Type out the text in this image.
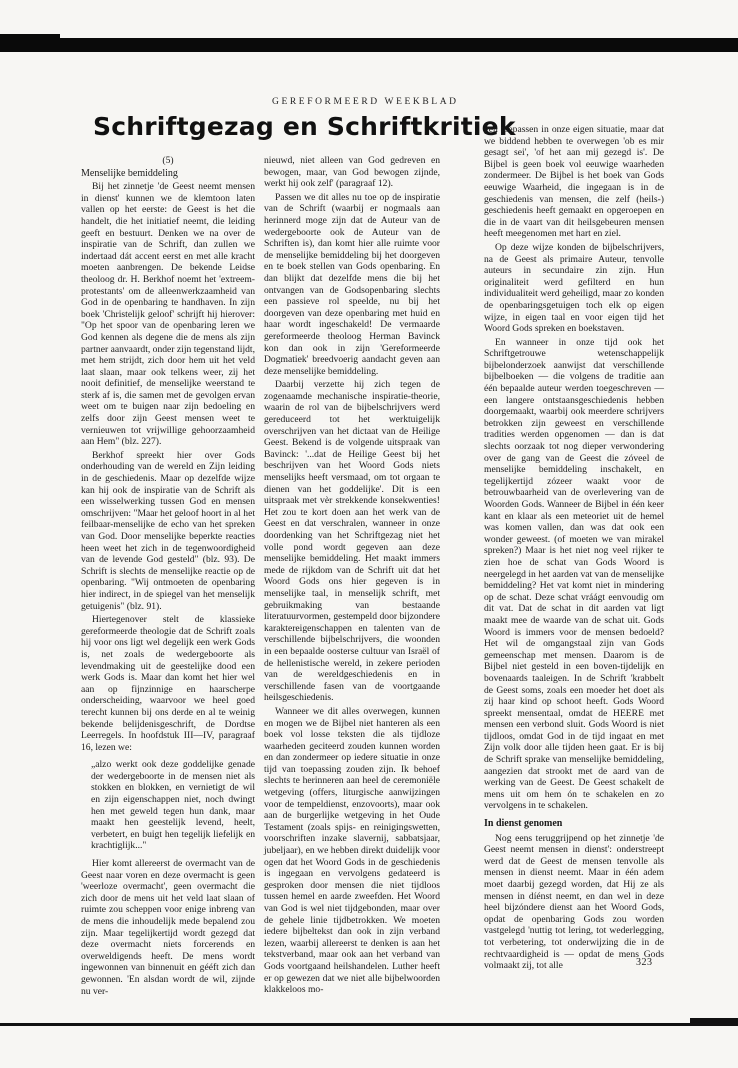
GEREFORMEERD WEEKBLAD
Schriftgezag en Schriftkritiek

(5)

Menselijke bemiddeling

Bij het zinnetje 'de Geest neemt mensen in dienst' kunnen we de klemtoon laten vallen op het eerste: de Geest is het die handelt, die het initiatief neemt, die leiding geeft en bestuurt. Denken we na over de inspiratie van de Schrift, dan zullen we indertaad dát accent eerst en met alle kracht moeten aanbrengen. De bekende Leidse theoloog dr. H. Berkhof noemt het 'extreem-protestants' om de alleenwerkzaamheid van God in de openbaring te handhaven. In zijn boek 'Christelijk geloof' schrijft hij hierover: "Op het spoor van de openbaring leren we God kennen als degene die de mens als zijn partner aanvaardt, onder zijn tegenstand lijdt, met hem strijdt, zich door hem uit het veld laat slaan, maar ook telkens weer, zij het nooit definitief, de menselijke weerstand te sterk af is, die samen met de gevolgen ervan weet om te buigen naar zijn bedoeling en zelfs door zijn Geest mensen weet te vernieuwen tot vrijwillige gehoorzaamheid aan Hem" (blz. 227).

Berkhof spreekt hier over Gods onderhouding van de wereld en Zijn leiding in de geschiedenis. Maar op dezelfde wijze kan hij ook de inspiratie van de Schrift als een wisselwerking tussen God en mensen omschrijven: "Maar het geloof hoort in al het feilbaar-menselijke de echo van het spreken van God. Door menselijke beperkte reacties heen weet het zich in de tegenwoordigheid van de levende God gesteld" (blz. 93). De Schrift is slechts de menselijke reactie op de openbaring. "Wij ontmoeten de openbaring hier indirect, in de spiegel van het menselijk getuigenis" (blz. 91).

Hiertegenover stelt de klassieke gereformeerde theologie dat de Schrift zoals hij voor ons ligt wel degelijk een werk Gods is, net zoals de wedergeboorte als levendmaking uit de geestelijke dood een werk Gods is. Maar dan komt het hier wel aan op fijnzinnige en haarscherpe onderscheiding, waarvoor we heel goed terecht kunnen bij ons derde en al te weinig bekende belijdenisgeschrift, de Dordtse Leerregels. In hoofdstuk III—IV, paragraaf 16, lezen we:

„alzo werkt ook deze goddelijke genade der wedergeboorte in de mensen niet als stokken en blokken, en vernietigt de wil en zijn eigenschappen niet, noch dwingt hen met geweld tegen hun dank, maar maakt hen geestelijk levend, heelt, verbetert, en buigt hen tegelijk liefelijk en krachtiglijk..."

Hier komt allereerst de overmacht van de Geest naar voren en deze overmacht is geen 'weerloze overmacht', geen overmacht die zich door de mens uit het veld laat slaan of ruimte zou scheppen voor enige inbreng van de mens die inhoudelijk mede bepalend zou zijn. Maar tegelijkertijd wordt gezegd dat deze overmacht niets forcerends en overweldigends heeft. De mens wordt ingewonnen van binnenuit en gééft zich dan gewonnen. 'En alsdan wordt de wil, zijnde nu ver-

nieuwd, niet alleen van God gedreven en bewogen, maar, van God bewogen zijnde, werkt hij ook zelf' (paragraaf 12).

Passen we dit alles nu toe op de inspiratie van de Schrift (waarbij er nogmaals aan herinnerd moge zijn dat de Auteur van de wedergeboorte ook de Auteur van de Schriften is), dan komt hier alle ruimte voor de menselijke bemiddeling bij het doorgeven en te boek stellen van Gods openbaring. En dan blijkt dat dezelfde mens die bij het ontvangen van de Godsopenbaring slechts een passieve rol speelde, nu bij het doorgeven van deze openbaring met huid en haar wordt ingeschakeld! De vermaarde gereformeerde theoloog Herman Bavinck kon dan ook in zijn 'Gereformeerde Dogmatiek' breedvoerig aandacht geven aan deze menselijke bemiddeling.

Daarbij verzette hij zich tegen de zogenaamde mechanische inspiratie-theorie, waarin de rol van de bijbelschrijvers werd gereduceerd tot het werktuigelijk overschrijven van het dictaat van de Heilige Geest. Bekend is de volgende uitspraak van Bavinck: '...dat de Heilige Geest bij het beschrijven van het Woord Gods niets menselijks heeft versmaad, om tot orgaan te dienen van het goddelijke'. Dit is een uitspraak met vèr strekkende konsekwenties! Het zou te kort doen aan het werk van de Geest en dat verschralen, wanneer in onze doordenking van het Schriftgezag niet het volle pond wordt gegeven aan deze menselijke bemiddeling. Het maakt immers mede de rijkdom van de Schrift uit dat het Woord Gods ons hier gegeven is in menselijke taal, in menselijk schrift, met gebruikmaking van bestaande literatuurvormen, gestempeld door bijzondere karaktereigenschappen en talenten van de verschillende bijbelschrijvers, die woonden in een bepaalde oosterse cultuur van Israël of de hellenistische wereld, in zekere perioden van de wereldgeschiedenis en in verschillende fasen van de voortgaande heilsgeschiedenis.

Wanneer we dit alles overwegen, kunnen en mogen we de Bijbel niet hanteren als een boek vol losse teksten die als tijdloze waarheden geciteerd zouden kunnen worden en dan zondermeer op iedere situatie in onze tijd van toepassing zouden zijn. Ik behoef slechts te herinneren aan heel de ceremoniële wetgeving (offers, liturgische aanwijzingen voor de tempeldienst, enzovoorts), maar ook aan de burgerlijke wetgeving in het Oude Testament (zoals spijs- en reinigingswetten, voorschriften inzake slavernij, sabbatsjaar, jubeljaar), en we hebben direkt duidelijk voor ogen dat het Woord Gods in de geschiedenis is ingegaan en vervolgens gedateerd is gesproken door mensen die niet tijdloos tussen hemel en aarde zweefden. Het Woord van God is wel niet tijdgebonden, maar over de gehele linie tijdbetrokken. We moeten iedere bijbeltekst dan ook in zijn verband lezen, waarbij allereerst te denken is aan het tekstverband, maar ook aan het verband van Gods voortgaand heilshandelen. Luther heeft er op gewezen dat we niet alle bijbelwoorden klakkeloos mo-

gen toepassen in onze eigen situatie, maar dat we biddend hebben te overwegen 'ob es mir gesagt sei', 'of het aan mij gezegd is'. De Bijbel is geen boek vol eeuwige waarheden zondermeer. De Bijbel is het boek van Gods eeuwige Waarheid, die ingegaan is in de geschiedenis van mensen, die zelf (heils-) geschiedenis heeft gemaakt en opgeroepen en die in de vaart van dit heilsgebeuren mensen heeft meegenomen met hart en ziel.

Op deze wijze konden de bijbelschrijvers, na de Geest als primaire Auteur, tenvolle auteurs in secundaire zin zijn. Hun originaliteit werd gefilterd en hun individualiteit werd geheiligd, maar zo konden de openbaringsgetuigen toch elk op eigen wijze, in eigen taal en voor eigen tijd het Woord Gods spreken en boekstaven.

En wanneer in onze tijd ook het Schriftgetrouwe wetenschappelijk bijbelonderzoek aanwijst dat verschillende bijbelboeken — die volgens de traditie aan één bepaalde auteur werden toegeschreven — een langere ontstaansgeschiedenis hebben doorgemaakt, waarbij ook meerdere schrijvers betrokken zijn geweest en verschillende tradities werden opgenomen — dan is dat slechts oorzaak tot nog dieper verwondering over de gang van de Geest die zóveel de menselijke bemiddeling inschakelt, en tegelijkertijd zózeer waakt voor de betrouwbaarheid van de overlevering van de Woorden Gods. Wanneer de Bijbel in één keer kant en klaar als een meteoriet uit de hemel was komen vallen, dan was dat ook een wonder geweest. (of moeten we van mirakel spreken?) Maar is het niet nog veel rijker te zien hoe de schat van Gods Woord is neergelegd in het aarden vat van de menselijke bemiddeling? Het vat komt niet in mindering op de schat. Deze schat vráágt eenvoudig om dit vat. Dat de schat in dit aarden vat ligt maakt mee de waarde van de schat uit. Gods Woord is immers voor de mensen bedoeld? Het wil de omgangstaal zijn van Gods gemeenschap met mensen. Daarom is de Bijbel niet gesteld in een boven-tijdelijk en bovenaards taaleigen. In de Schrift 'krabbelt de Geest soms, zoals een moeder het doet als zij haar kind op schoot heeft. Gods Woord spreekt mensentaal, omdat de HEERE met mensen een verbond sluit. Gods Woord is niet tijdloos, omdat God in de tijd ingaat en met Zijn volk door alle tijden heen gaat. Er is bij de Schrift sprake van menselijke bemiddeling, aangezien dat strookt met de aard van de werking van de Geest. De Geest schakelt de mens uit om hem ón te schakelen en zo vervolgens in te schakelen.

In dienst genomen

Nog eens teruggrijpend op het zinnetje 'de Geest neemt mensen in dienst': onderstreept werd dat de Geest de mensen tenvolle als mensen in dienst neemt. Maar in één adem moet daarbij gezegd worden, dat Hij ze als mensen in díénst neemt, en dan wel in deze heel bijzóndere dienst aan het Woord Gods, opdat de openbaring Gods zou worden vastgelegd 'nuttig tot lering, tot wederlegging, tot verbetering, tot onderwijzing die in de rechtvaardigheid is — opdat de mens Gods volmaakt zij, tot alle	323
